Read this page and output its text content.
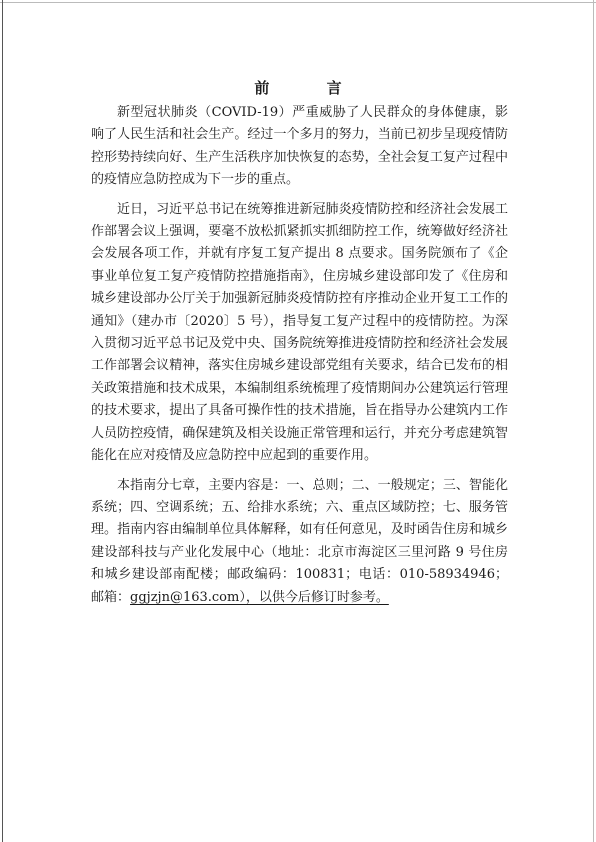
前 言

新型冠状肺炎（COVID-19）严重威胁了人民群众的身体健康，影响了人民生活和社会生产。经过一个多月的努力，当前已初步呈现疫情防控形势持续向好、生产生活秩序加快恢复的态势，全社会复工复产过程中的疫情应急防控成为下一步的重点。

近日，习近平总书记在统筹推进新冠肺炎疫情防控和经济社会发展工作部署会议上强调，要毫不放松抓紧抓实抓细防控工作，统筹做好经济社会发展各项工作，并就有序复工复产提出 8 点要求。国务院颁布了《企事业单位复工复产疫情防控措施指南》，住房城乡建设部印发了《住房和城乡建设部办公厅关于加强新冠肺炎疫情防控有序推动企业开复工工作的通知》（建办市〔2020〕5 号），指导复工复产过程中的疫情防控。为深入贯彻习近平总书记及党中央、国务院统筹推进疫情防控和经济社会发展工作部署会议精神，落实住房城乡建设部党组有关要求，结合已发布的相关政策措施和技术成果，本编制组系统梳理了疫情期间办公建筑运行管理的技术要求，提出了具备可操作性的技术措施，旨在指导办公建筑内工作人员防控疫情，确保建筑及相关设施正常管理和运行，并充分考虑建筑智能化在应对疫情及应急防控中应起到的重要作用。

本指南分七章，主要内容是：一、总则；二、一般规定；三、智能化系统；四、空调系统；五、给排水系统；六、重点区域防控；七、服务管理。指南内容由编制单位具体解释，如有任何意见，及时函告住房和城乡建设部科技与产业化发展中心（地址：北京市海淀区三里河路 9 号住房和城乡建设部南配楼；邮政编码：100831；电话：010-58934946；邮箱：ggjzjn@163.com），以供今后修订时参考。
